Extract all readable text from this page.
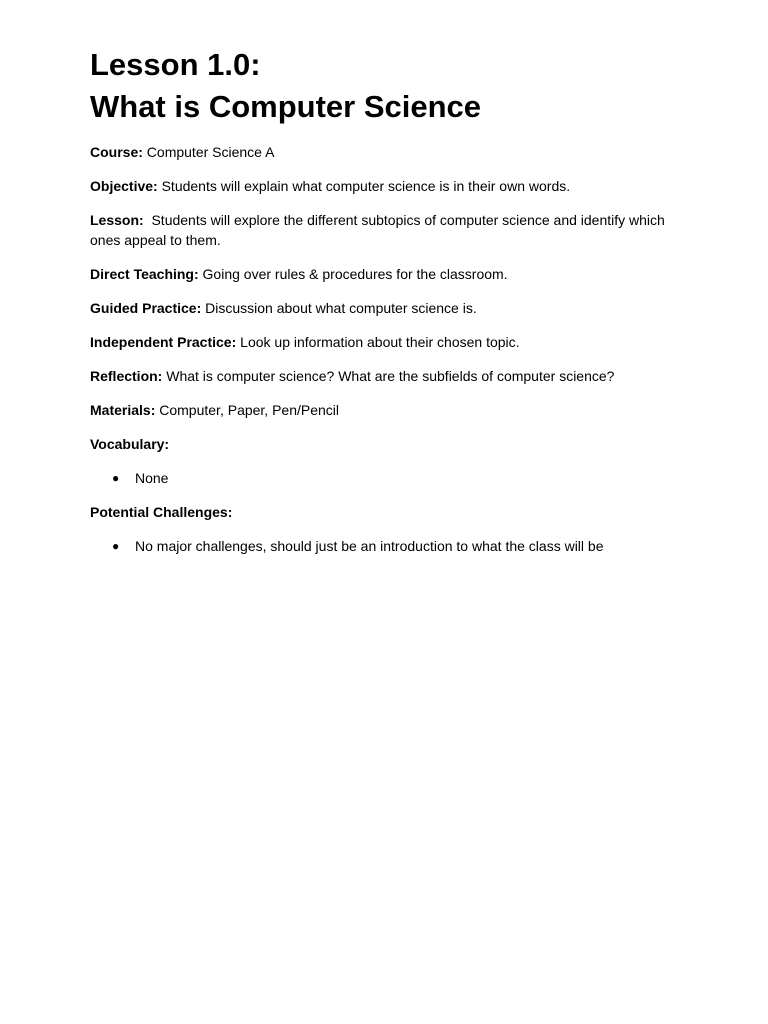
Lesson 1.0:
What is Computer Science

Course: Computer Science A

Objective: Students will explain what computer science is in their own words.

Lesson:  Students will explore the different subtopics of computer science and identify which ones appeal to them.

Direct Teaching: Going over rules & procedures for the classroom.

Guided Practice: Discussion about what computer science is.

Independent Practice: Look up information about their chosen topic.

Reflection: What is computer science? What are the subfields of computer science?

Materials: Computer, Paper, Pen/Pencil

Vocabulary:

● None

Potential Challenges:

● No major challenges, should just be an introduction to what the class will be
